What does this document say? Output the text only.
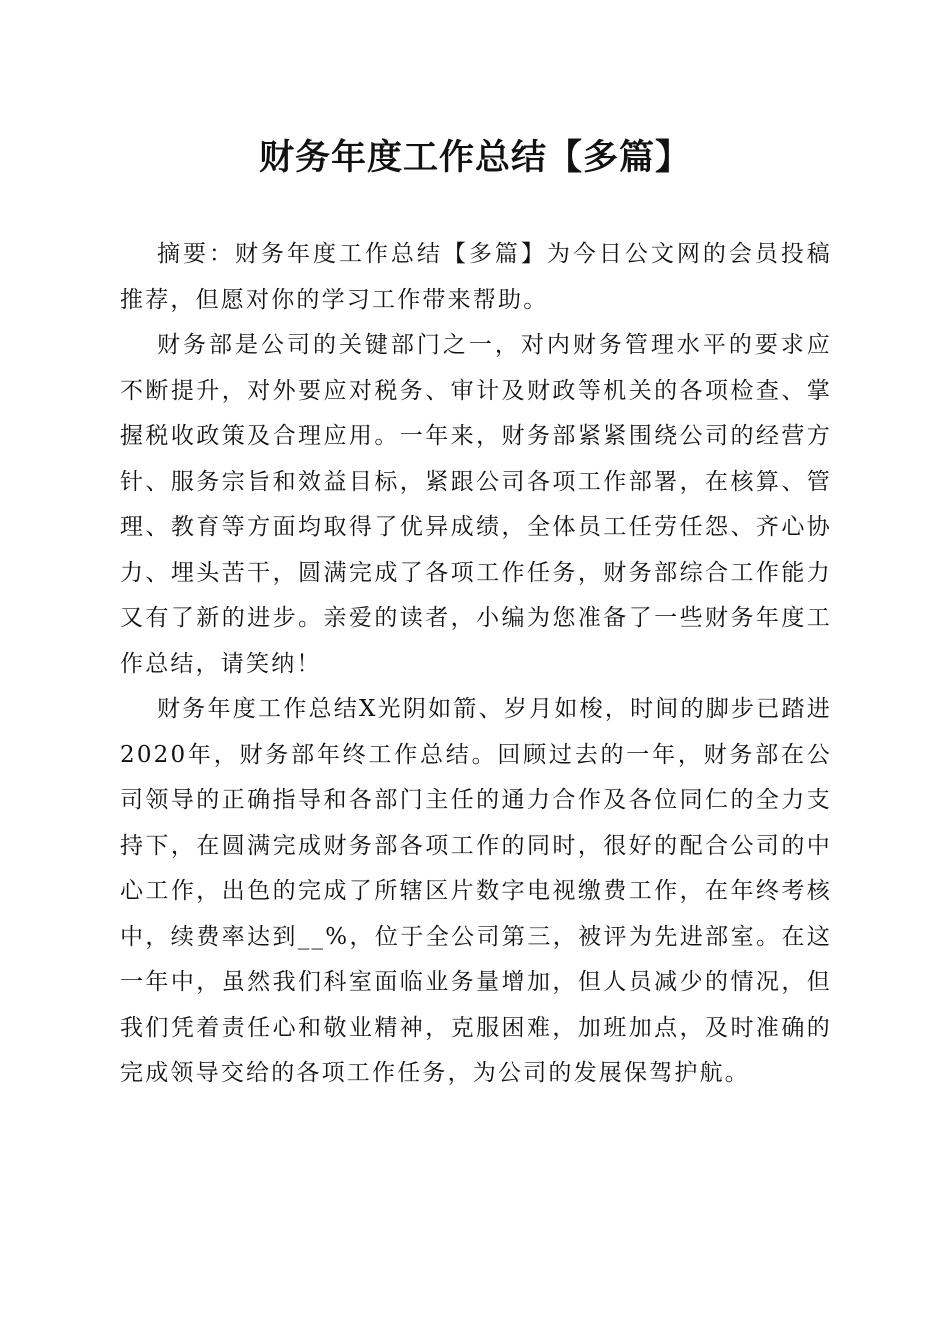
财务年度工作总结【多篇】

摘要：财务年度工作总结【多篇】为今日公文网的会员投稿推荐，但愿对你的学习工作带来帮助。

财务部是公司的关键部门之一，对内财务管理水平的要求应不断提升，对外要应对税务、审计及财政等机关的各项检查、掌握税收政策及合理应用。一年来，财务部紧紧围绕公司的经营方针、服务宗旨和效益目标，紧跟公司各项工作部署，在核算、管理、教育等方面均取得了优异成绩，全体员工任劳任怨、齐心协力、埋头苦干，圆满完成了各项工作任务，财务部综合工作能力又有了新的进步。亲爱的读者，小编为您准备了一些财务年度工作总结，请笑纳！

财务年度工作总结X光阴如箭、岁月如梭，时间的脚步已踏进2020年，财务部年终工作总结。回顾过去的一年，财务部在公司领导的正确指导和各部门主任的通力合作及各位同仁的全力支持下，在圆满完成财务部各项工作的同时，很好的配合公司的中心工作，出色的完成了所辖区片数字电视缴费工作，在年终考核中，续费率达到__%，位于全公司第三，被评为先进部室。在这一年中，虽然我们科室面临业务量增加，但人员减少的情况，但我们凭着责任心和敬业精神，克服困难，加班加点，及时准确的完成领导交给的各项工作任务，为公司的发展保驾护航。
